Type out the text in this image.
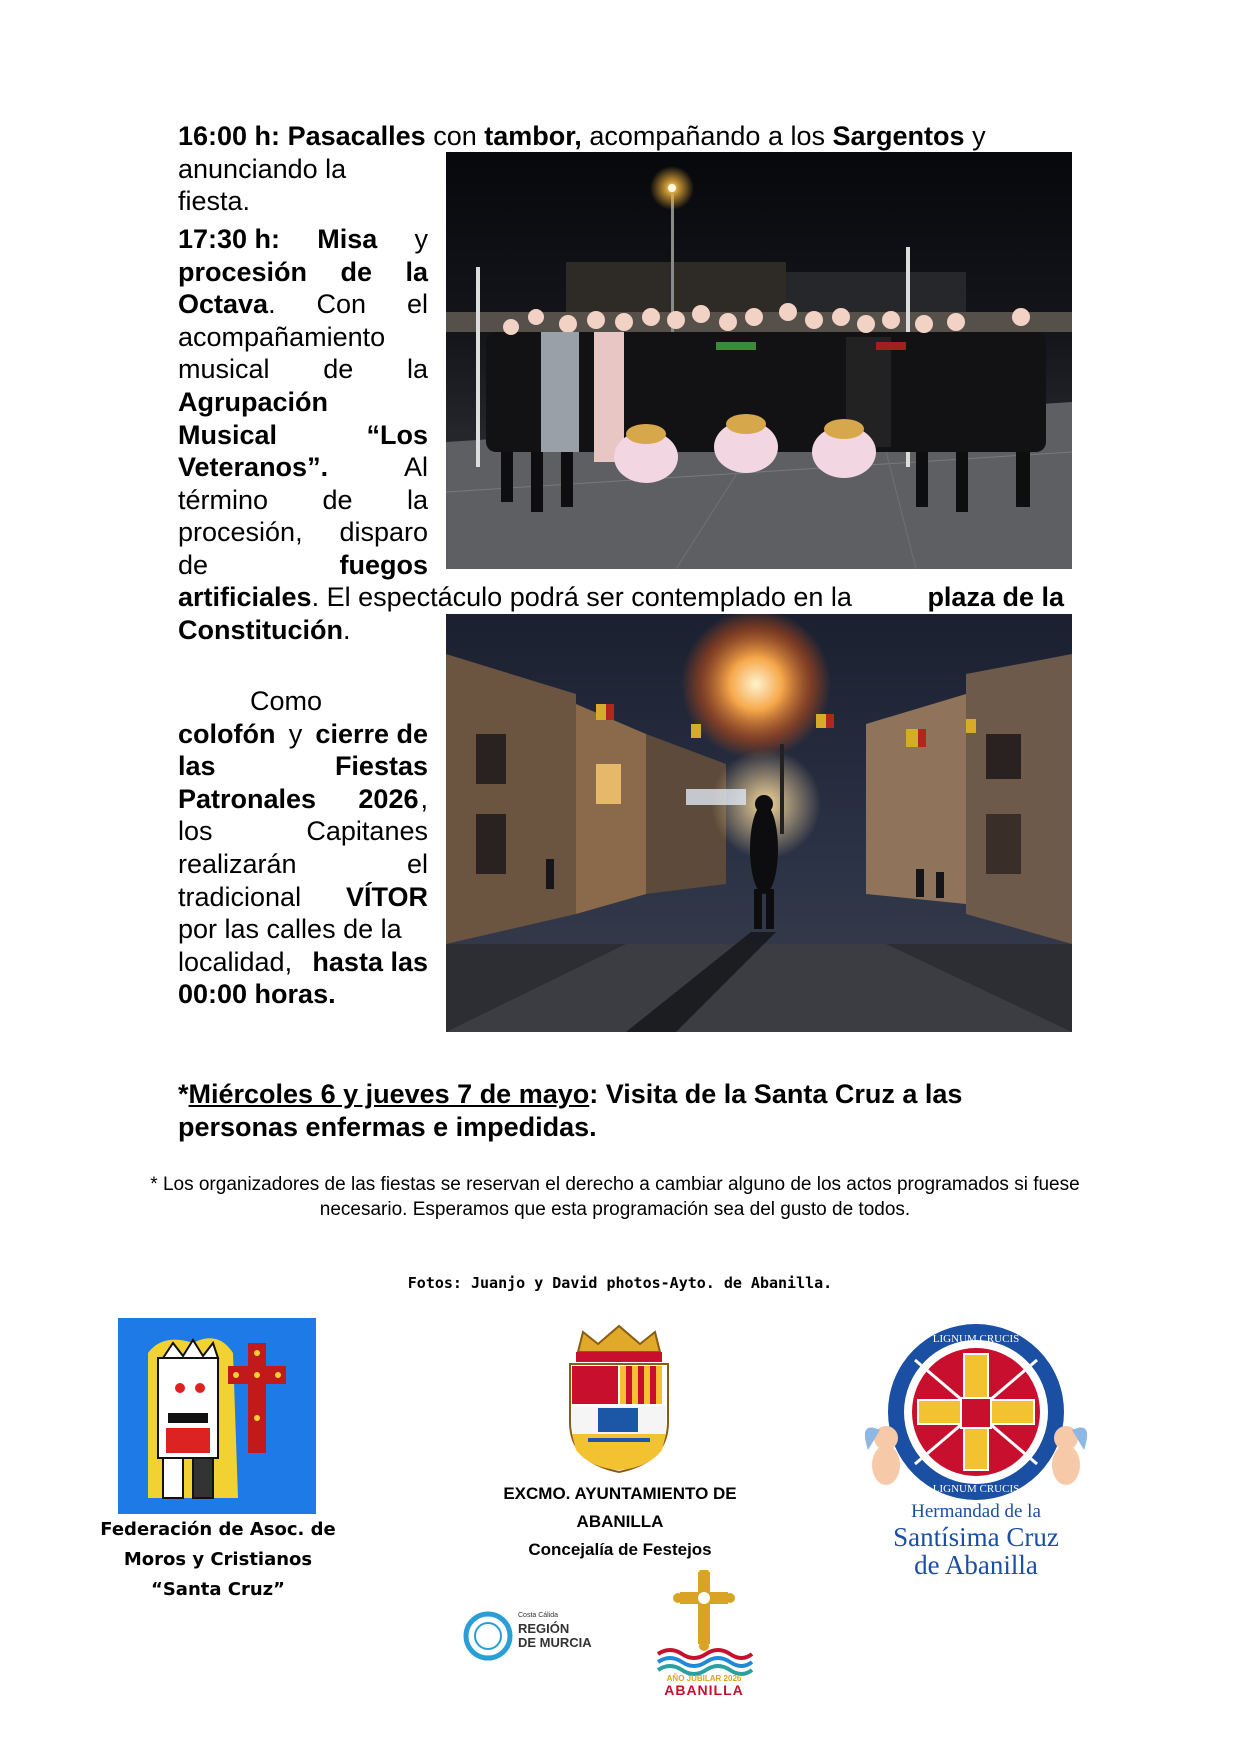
16:00 h: Pasacalles con tambor, acompañando a los Sargentos y
anunciando la
fiesta.
17:30 h: Misa y
procesión de la
Octava. Con el
acompañamiento
musical de la
Agrupación
Musical	“Los
Veteranos”.	Al
término de la
procesión, disparo
de	fuegos
artificiales . El espectáculo podrá ser contemplado en la
	plaza de la
Constitución.
Como
colofón y cierre de
las	Fiestas
Patronales 2026 ,
los	Capitanes
realizarán	el
tradicional VÍTOR
por las calles de la
localidad, hasta las
00:00 horas.
*Miércoles 6 y jueves 7 de mayo: Visita de la Santa Cruz a las personas enfermas e impedidas.
* Los organizadores de las fiestas se reservan el derecho a cambiar alguno de los actos programados si fuese necesario. Esperamos que esta programación sea del gusto de todos.
Fotos: Juanjo y David photos-Ayto. de Abanilla.
Federación de Asoc. de
Moros y Cristianos
“Santa Cruz”
EXCMO. AYUNTAMIENTO DE
ABANILLA
Concejalía de Festejos
LIGNUM CRUCIS
LIGNUM CRUCIS
Hermandad de la
Santísima Cruz
de Abanilla
Costa Cálida
REGIÓN
DE MURCIA
AÑO JUBILAR 2026
ABANILLA
